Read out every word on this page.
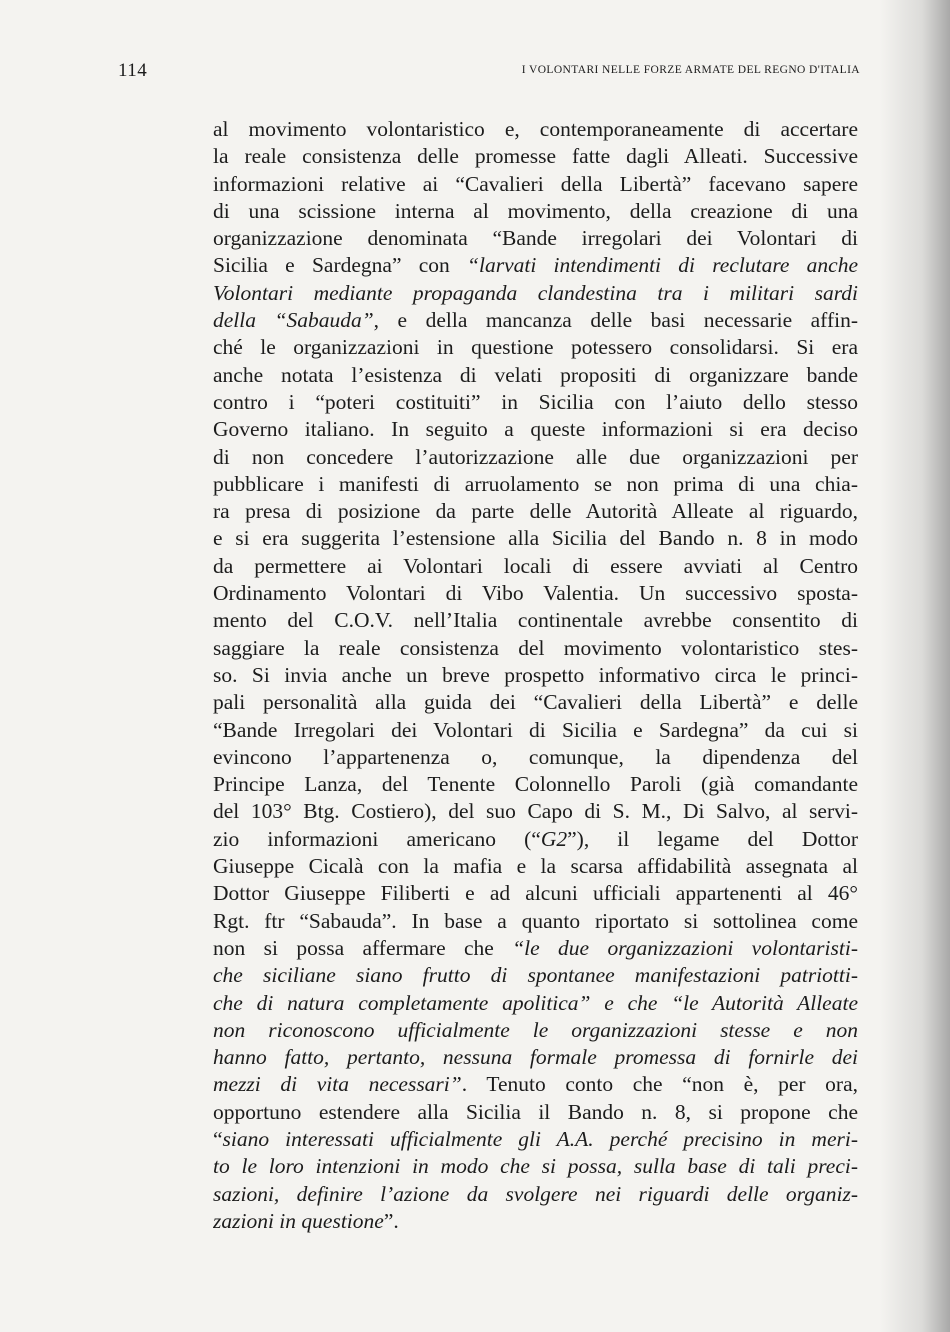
114	I VOLONTARI NELLE FORZE ARMATE DEL REGNO D'ITALIA
al movimento volontaristico e, contemporaneamente di accertare
la reale consistenza delle promesse fatte dagli Alleati. Successive
informazioni relative ai “Cavalieri della Libertà” facevano sapere
di una scissione interna al movimento, della creazione di una
organizzazione denominata “Bande irregolari dei Volontari di
Sicilia e Sardegna” con “larvati intendimenti di reclutare anche
Volontari mediante propaganda clandestina tra i militari sardi
della “Sabauda”, e della mancanza delle basi necessarie affin-
ché le organizzazioni in questione potessero consolidarsi. Si era
anche notata l’esistenza di velati propositi di organizzare bande
contro i “poteri costituiti” in Sicilia con l’aiuto dello stesso
Governo italiano. In seguito a queste informazioni si era deciso
di non concedere l’autorizzazione alle due organizzazioni per
pubblicare i manifesti di arruolamento se non prima di una chia-
ra presa di posizione da parte delle Autorità Alleate al riguardo,
e si era suggerita l’estensione alla Sicilia del Bando n. 8 in modo
da permettere ai Volontari locali di essere avviati al Centro
Ordinamento Volontari di Vibo Valentia. Un successivo sposta-
mento del C.O.V. nell’Italia continentale avrebbe consentito di
saggiare la reale consistenza del movimento volontaristico stes-
so. Si invia anche un breve prospetto informativo circa le princi-
pali personalità alla guida dei “Cavalieri della Libertà” e delle
“Bande Irregolari dei Volontari di Sicilia e Sardegna” da cui si
evincono l’appartenenza o, comunque, la dipendenza del
Principe Lanza, del Tenente Colonnello Paroli (già comandante
del 103° Btg. Costiero), del suo Capo di S. M., Di Salvo, al servi-
zio informazioni americano (“G2”), il legame del Dottor
Giuseppe Cicalà con la mafia e la scarsa affidabilità assegnata al
Dottor Giuseppe Filiberti e ad alcuni ufficiali appartenenti al 46°
Rgt. ftr “Sabauda”. In base a quanto riportato si sottolinea come
non si possa affermare che “le due organizzazioni volontaristi-
che siciliane siano frutto di spontanee manifestazioni patriotti-
che di natura completamente apolitica” e che “le Autorità Alleate
non riconoscono ufficialmente le organizzazioni stesse e non
hanno fatto, pertanto, nessuna formale promessa di fornirle dei
mezzi di vita necessari”. Tenuto conto che “non è, per ora,
opportuno estendere alla Sicilia il Bando n. 8, si propone che
“siano interessati ufficialmente gli A.A. perché precisino in meri-
to le loro intenzioni in modo che si possa, sulla base di tali preci-
sazioni, definire l’azione da svolgere nei riguardi delle organiz-
zazioni in questione”.
